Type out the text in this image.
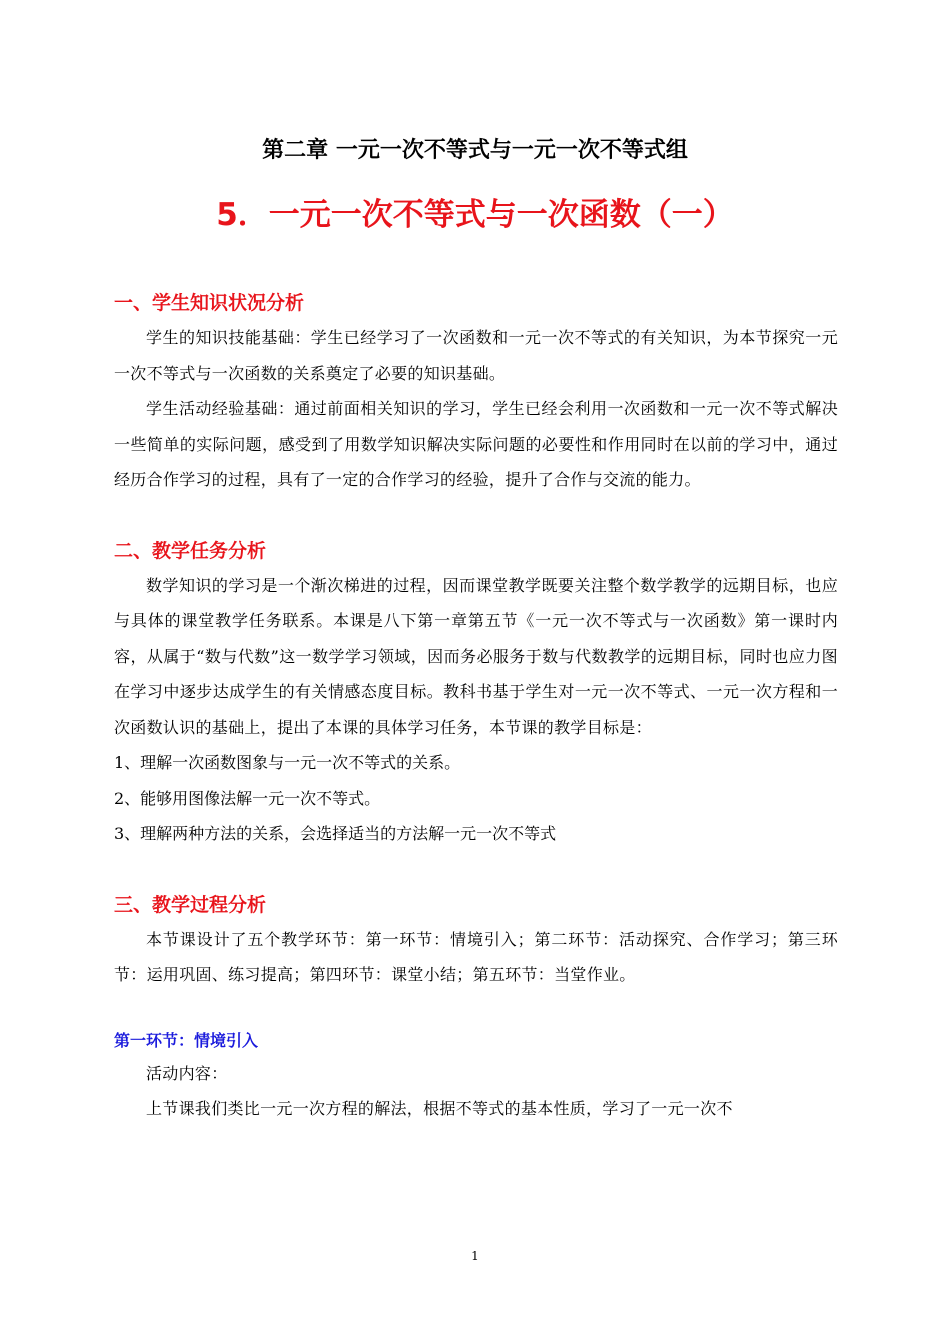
第二章 一元一次不等式与一元一次不等式组
5．一元一次不等式与一次函数（一）
一、学生知识状况分析

学生的知识技能基础：学生已经学习了一次函数和一元一次不等式的有关知识，为本节探究一元一次不等式与一次函数的关系奠定了必要的知识基础。

学生活动经验基础：通过前面相关知识的学习，学生已经会利用一次函数和一元一次不等式解决一些简单的实际问题，感受到了用数学知识解决实际问题的必要性和作用同时在以前的学习中，通过经历合作学习的过程，具有了一定的合作学习的经验，提升了合作与交流的能力。

二、教学任务分析

数学知识的学习是一个渐次梯进的过程，因而课堂教学既要关注整个数学教学的远期目标，也应与具体的课堂教学任务联系。本课是八下第一章第五节《一元一次不等式与一次函数》第一课时内容，从属于“数与代数”这一数学学习领域，因而务必服务于数与代数教学的远期目标，同时也应力图在学习中逐步达成学生的有关情感态度目标。教科书基于学生对一元一次不等式、一元一次方程和一次函数认识的基础上，提出了本课的具体学习任务，本节课的教学目标是：

1、理解一次函数图象与一元一次不等式的关系。

2、能够用图像法解一元一次不等式。

3、理解两种方法的关系，会选择适当的方法解一元一次不等式

三、教学过程分析

本节课设计了五个教学环节：第一环节：情境引入；第二环节：活动探究、合作学习；第三环节：运用巩固、练习提高；第四环节：课堂小结；第五环节：当堂作业。

第一环节：情境引入

活动内容：

上节课我们类比一元一次方程的解法，根据不等式的基本性质，学习了一元一次不

1
